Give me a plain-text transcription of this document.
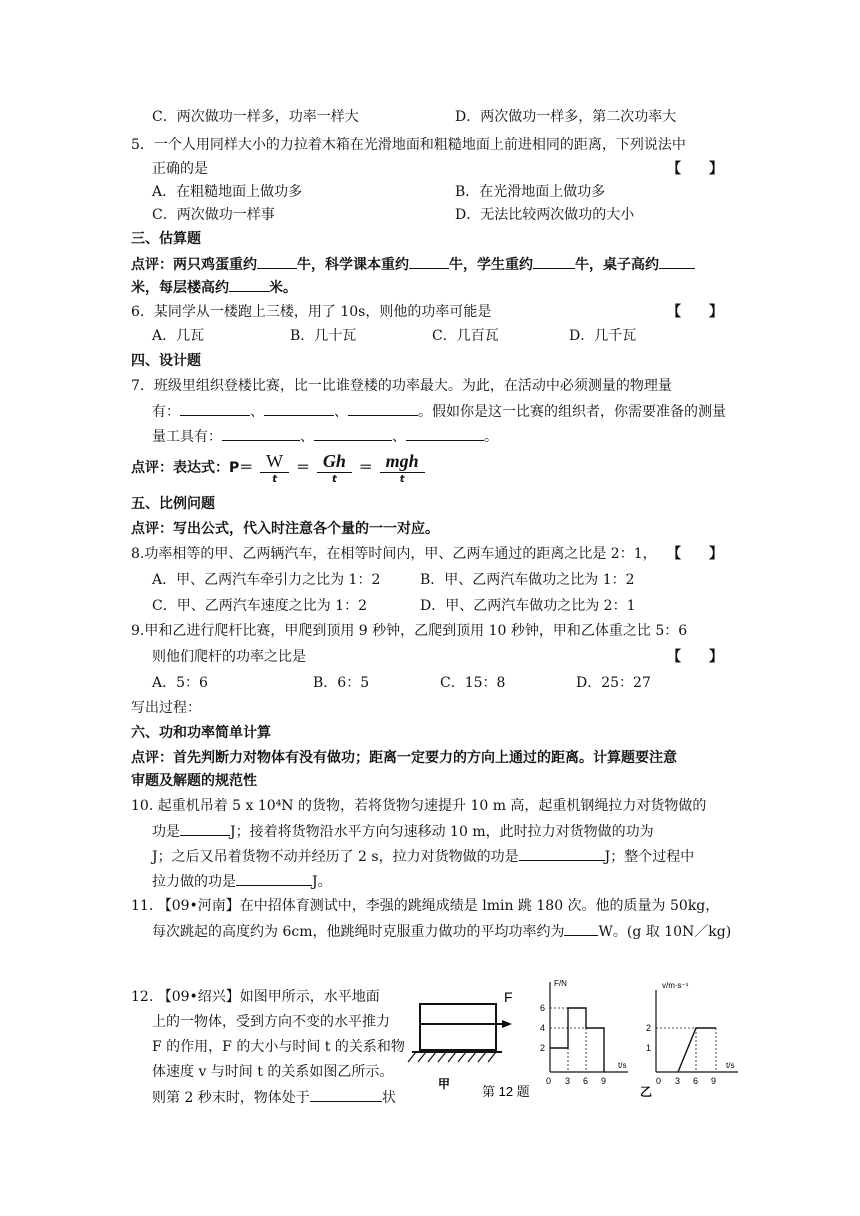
C．两次做功一样多，功率一样大	D．两次做功一样多，第二次功率大
5．一个人用同样大小的力拉着木箱在光滑地面和粗糙地面上前进相同的距离，下列说法中
正确的是	【　　】
A．在粗糙地面上做功多	B．在光滑地面上做功多
C．两次做功一样事	D．无法比较两次做功的大小
三、估算题
点评：两只鸡蛋重约	牛，科学课本重约	牛，学生重约	牛，桌子高约
米，每层楼高约	米。
6．某同学从一楼跑上三楼，用了 10s，则他的功率可能是	【　　】
A．几瓦	B．几十瓦	C．几百瓦	D．几千瓦
四、设计题
7．班级里组织登楼比赛，比一比谁登楼的功率最大。为此，在活动中必须测量的物理量
有：	、	、	。假如你是这一比赛的组织者，你需要准备的测量
量工具有：	、	、	。
点评：表达式：$P= \frac{W}{t} = \frac{Gh}{t} = \frac{\text{mgh}}{t}$
五、比例问题
点评：写出公式，代入时注意各个量的一一对应。
8.功率相等的甲、乙两辆汽车，在相等时间内，甲、乙两车通过的距离之比是 2：1， 【　　】
A．甲、乙两汽车牵引力之比为 1：2	B．甲、乙两汽车做功之比为 1：2
C．甲、乙两汽车速度之比为 1：2	D．甲、乙两汽车做功之比为 2：1
9.甲和乙进行爬杆比赛，甲爬到顶用 9 秒钟，乙爬到顶用 10 秒钟，甲和乙体重之比 5：6
则他们爬杆的功率之比是	【　　】
A．5：6	B．6：5	C．15：8	D．25：27
写出过程：
六、功和功率简单计算
点评：首先判断力对物体有没有做功；距离一定要力的方向上通过的距离。计算题要注意
审题及解题的规范性
10. 起重机吊着 5 x 10⁴N 的货物，若将货物匀速提升 10 m 高，起重机钢绳拉力对货物做的
功是	J；接着将货物沿水平方向匀速移动 10 m，此时拉力对货物做的功为
J；之后又吊着货物不动并经历了 2 s，拉力对货物做的功是	J；整个过程中
拉力做的功是	J。
11. 【09•河南】在中招体育测试中，李强的跳绳成绩是 lmin 跳 180 次。他的质量为 50kg，
每次跳起的高度约为 6cm，他跳绳时克服重力做功的平均功率约为 W。(g 取 10N／kg)
12. 【09•绍兴】如图甲所示，水平地面
上的一物体，受到方向不变的水平推力
F 的作用，F 的大小与时间 t 的关系和物
体速度 v 与时间 t 的关系如图乙所示。
则第 2 秒末时，物体处于	状
F
甲
F/N
t/s
2
4
6
0 3 6 9
第 12 题
v/m·s⁻¹
t/s
1
2
0 3 6 9
乙
